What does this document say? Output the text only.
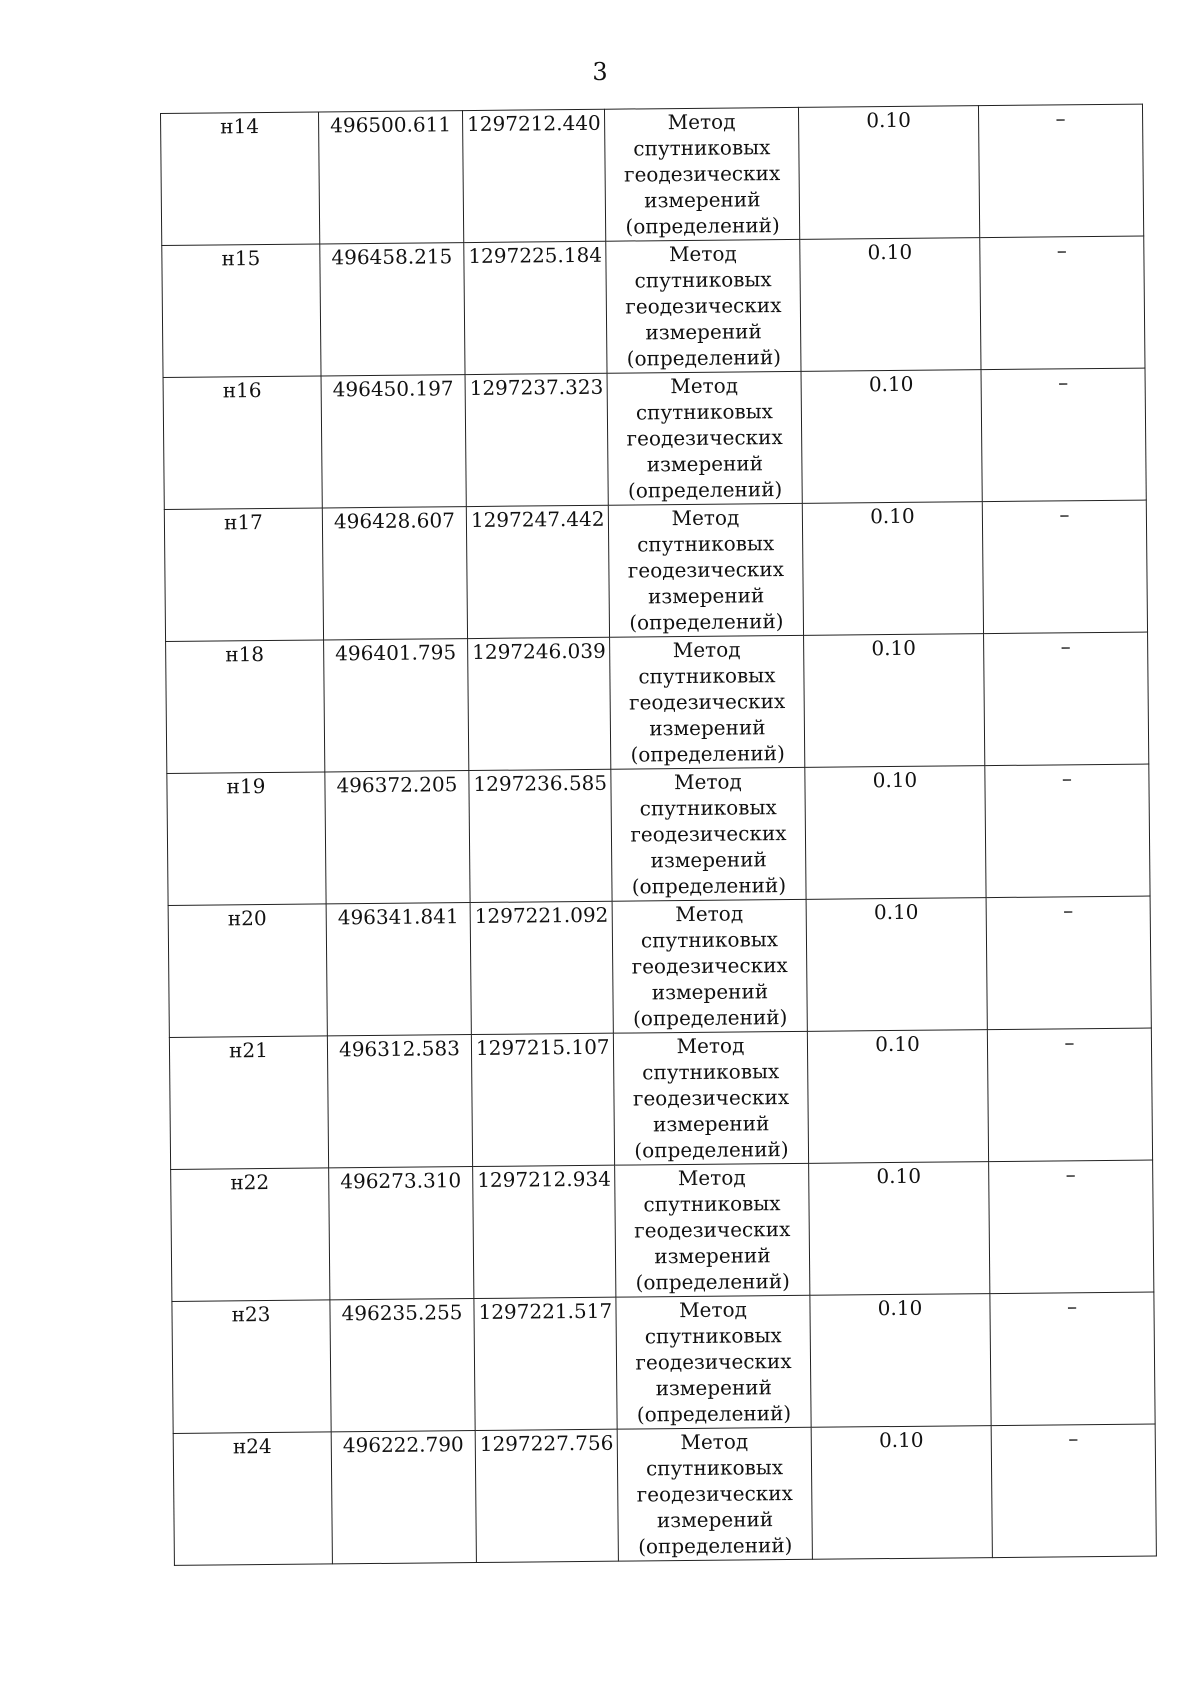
3
н14	496500.611	1297212.440	Метод спутниковых геодезических измерений (определений)	0.10	–
н15	496458.215	1297225.184	Метод спутниковых геодезических измерений (определений)	0.10	–
н16	496450.197	1297237.323	Метод спутниковых геодезических измерений (определений)	0.10	–
н17	496428.607	1297247.442	Метод спутниковых геодезических измерений (определений)	0.10	–
н18	496401.795	1297246.039	Метод спутниковых геодезических измерений (определений)	0.10	–
н19	496372.205	1297236.585	Метод спутниковых геодезических измерений (определений)	0.10	–
н20	496341.841	1297221.092	Метод спутниковых геодезических измерений (определений)	0.10	–
н21	496312.583	1297215.107	Метод спутниковых геодезических измерений (определений)	0.10	–
н22	496273.310	1297212.934	Метод спутниковых геодезических измерений (определений)	0.10	–
н23	496235.255	1297221.517	Метод спутниковых геодезических измерений (определений)	0.10	–
н24	496222.790	1297227.756	Метод спутниковых геодезических измерений (определений)	0.10	–
